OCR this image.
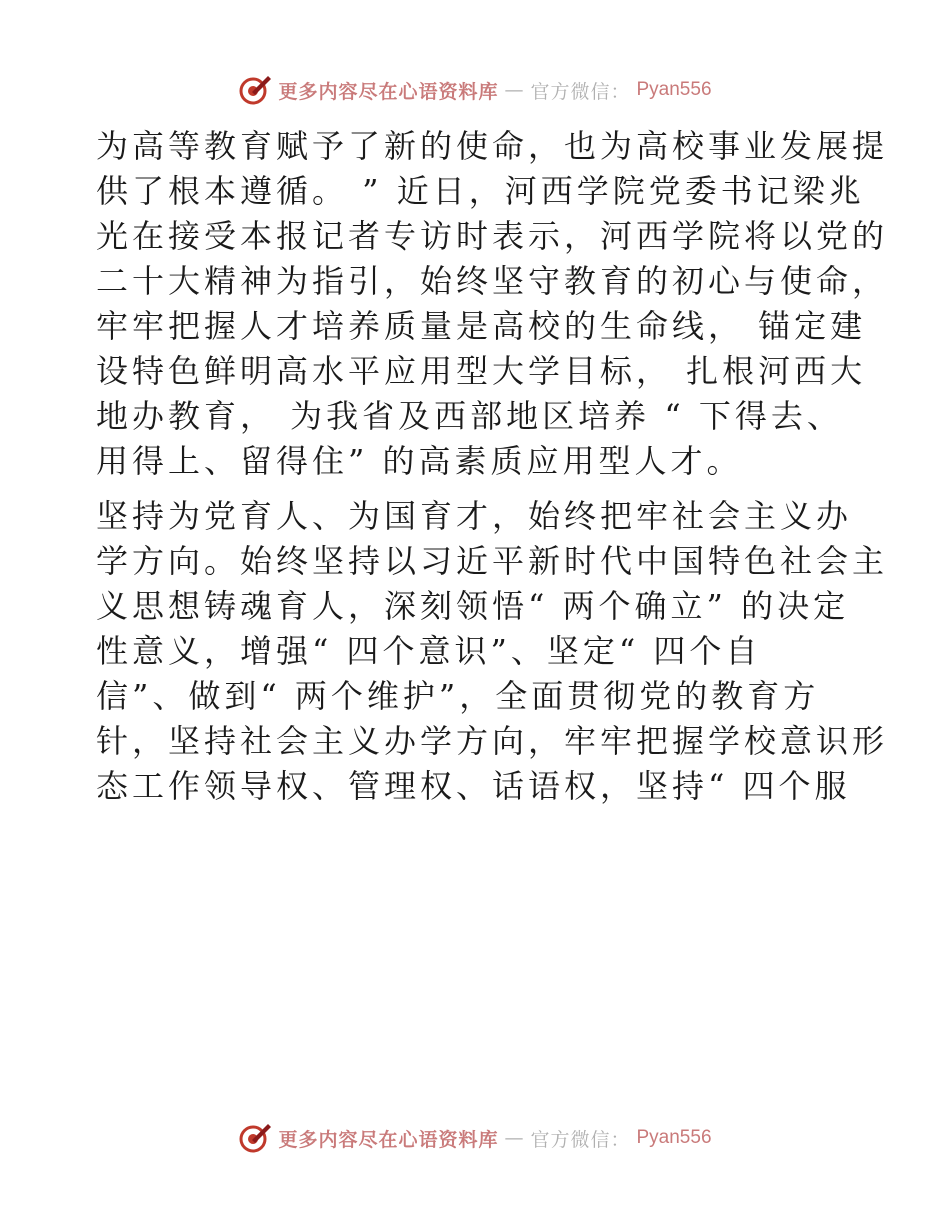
更多内容尽在心语资料库 — 官方微信： Pyan556

为高等教育赋予了新的使命，也为高校事业发展提
供了根本遵循。 ” 近日，河西学院党委书记梁兆
光在接受本报记者专访时表示，河西学院将以党的
二十大精神为指引，始终坚守教育的初心与使命，
牢牢把握人才培养质量是高校的生命线， 锚定建
设特色鲜明高水平应用型大学目标， 扎根河西大
地办教育， 为我省及西部地区培养 “ 下得去、
用得上、留得住” 的高素质应用型人才。

坚持为党育人、为国育才，始终把牢社会主义办
学方向。始终坚持以习近平新时代中国特色社会主
义思想铸魂育人，深刻领悟“ 两个确立” 的决定
性意义，增强“ 四个意识”、坚定“ 四个自
信”、做到“ 两个维护”，全面贯彻党的教育方
针，坚持社会主义办学方向，牢牢把握学校意识形
态工作领导权、管理权、话语权，坚持“ 四个服

更多内容尽在心语资料库 — 官方微信： Pyan556
